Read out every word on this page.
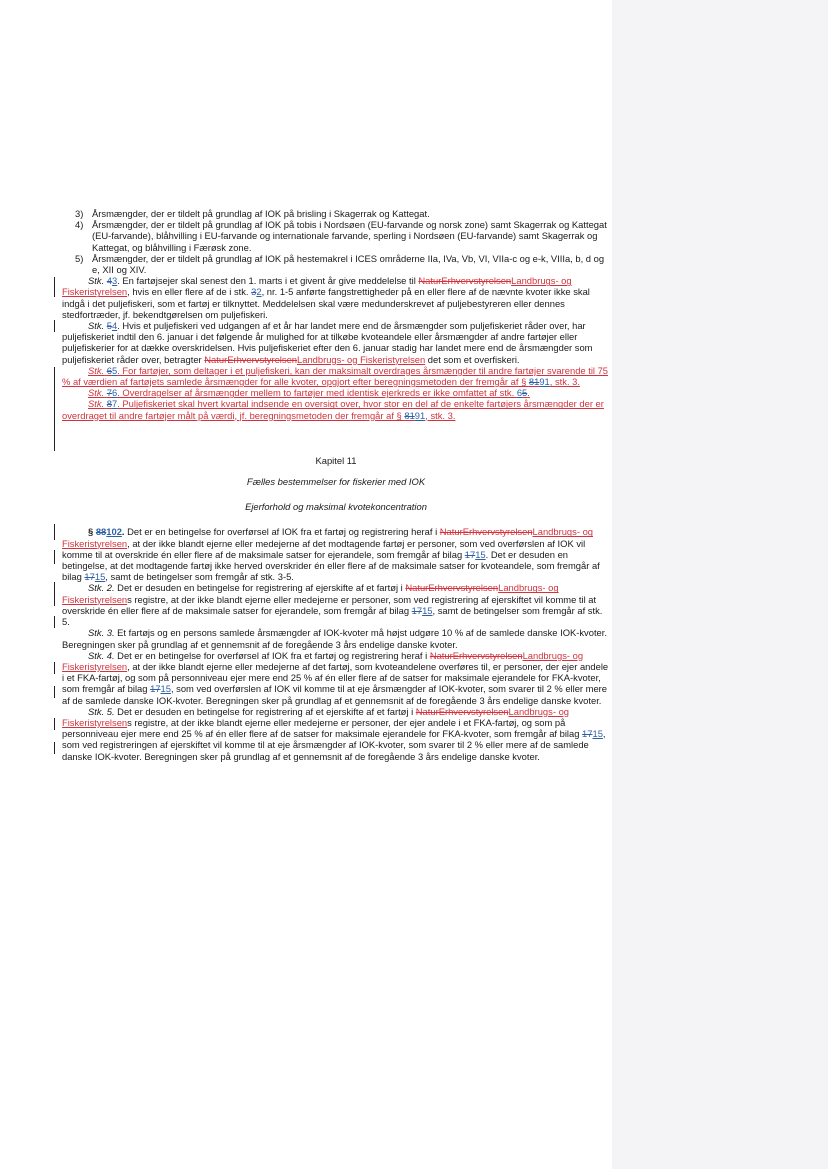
3) Årsmængder, der er tildelt på grundlag af IOK på brisling i Skagerrak og Kattegat.
4) Årsmængder, der er tildelt på grundlag af IOK på tobis i Nordsøen (EU-farvande og norsk zone) samt Skagerrak og Kattegat (EU-farvande), blåhvilling i EU-farvande og internationale farvande, sperling i Nordsøen (EU-farvande) samt Skagerrak og Kattegat, og blåhvilling i Færøsk zone.
5) Årsmængder, der er tildelt på grundlag af IOK på hestemakrel i ICES områderne IIa, IVa, Vb, VI, VIIa-c og e-k, VIIIa, b, d og e, XII og XIV.

Stk. 43. En fartøjsejer skal senest den 1. marts i et givent år give meddelelse til NaturErhvervstyrelsenLandbrugs- og Fiskeristyrelsen, hvis en eller flere af de i stk. 32, nr. 1-5 anførte fangstrettigheder på en eller flere af de nævnte kvoter ikke skal indgå i det puljefiskeri, som et fartøj er tilknyttet. Meddelelsen skal være medunderskrevet af puljebestyreren eller dennes stedfortræder, jf. bekendtgørelsen om puljefiskeri.

Stk. 54. Hvis et puljefiskeri ved udgangen af et år har landet mere end de årsmængder som puljefiskeriet råder over, har puljefiskeriet indtil den 6. januar i det følgende år mulighed for at tilkøbe kvoteandele eller årsmængder af andre fartøjer eller puljefiskerier for at dække overskridelsen. Hvis puljefiskeriet efter den 6. januar stadig har landet mere end de årsmængder som puljefiskeriet råder over, betragter NaturErhvervstyrelsenLandbrugs- og Fiskeristyrelsen det som et overfiskeri.

Stk. 65. For fartøjer, som deltager i et puljefiskeri, kan der maksimalt overdrages årsmængder til andre fartøjer svarende til 75 % af værdien af fartøjets samlede årsmængder for alle kvoter, opgjort efter beregningsmetoden der fremgår af § 8191, stk. 3.

Stk. 76. Overdragelser af årsmængder mellem to fartøjer med identisk ejerkreds er ikke omfattet af stk. 65.

Stk. 87. Puljefiskeriet skal hvert kvartal indsende en oversigt over, hvor stor en del af de enkelte fartøjers årsmængder der er overdraget til andre fartøjer målt på værdi, jf. beregningsmetoden der fremgår af § 8191, stk. 3.

Kapitel 11

Fælles bestemmelser for fiskerier med IOK

Ejerforhold og maksimal kvotekoncentration

§ 88102. Det er en betingelse for overførsel af IOK fra et fartøj og registrering heraf i NaturErhvervstyrelsenLandbrugs- og Fiskeristyrelsen, at der ikke blandt ejerne eller medejerne af det modtagende fartøj er personer, som ved overførslen af IOK vil komme til at overskride én eller flere af de maksimale satser for ejerandele, som fremgår af bilag 1715. Det er desuden en betingelse, at det modtagende fartøj ikke herved overskrider én eller flere af de maksimale satser for kvoteandele, som fremgår af bilag 1715, samt de betingelser som fremgår af stk. 3-5.

Stk. 2. Det er desuden en betingelse for registrering af ejerskifte af et fartøj i NaturErhvervstyrelsenLandbrugs- og Fiskeristyrelsens registre, at der ikke blandt ejerne eller medejerne er personer, som ved registrering af ejerskiftet vil komme til at overskride én eller flere af de maksimale satser for ejerandele, som fremgår af bilag 1715, samt de betingelser som fremgår af stk. 5.

Stk. 3. Et fartøjs og en persons samlede årsmængder af IOK-kvoter må højst udgøre 10 % af de samlede danske IOK-kvoter. Beregningen sker på grundlag af et gennemsnit af de foregående 3 års endelige danske kvoter.

Stk. 4. Det er en betingelse for overførsel af IOK fra et fartøj og registrering heraf i NaturErhvervstyrelsenLandbrugs- og Fiskeristyrelsen, at der ikke blandt ejerne eller medejerne af det fartøj, som kvoteandelene overføres til, er personer, der ejer andele i et FKA-fartøj, og som på personniveau ejer mere end 25 % af én eller flere af de satser for maksimale ejerandele for FKA-kvoter, som fremgår af bilag 1715, som ved overførslen af IOK vil komme til at eje årsmængder af IOK-kvoter, som svarer til 2 % eller mere af de samlede danske IOK-kvoter. Beregningen sker på grundlag af et gennemsnit af de foregående 3 års endelige danske kvoter.

Stk. 5. Det er desuden en betingelse for registrering af et ejerskifte af et fartøj i NaturErhvervstyrelsenLandbrugs- og Fiskeristyrelsens registre, at der ikke blandt ejerne eller medejerne er personer, der ejer andele i et FKA-fartøj, og som på personniveau ejer mere end 25 % af én eller flere af de satser for maksimale ejerandele for FKA-kvoter, som fremgår af bilag 1715, som ved registreringen af ejerskiftet vil komme til at eje årsmængder af IOK-kvoter, som svarer til 2 % eller mere af de samlede danske IOK-kvoter. Beregningen sker på grundlag af et gennemsnit af de foregående 3 års endelige danske kvoter.
